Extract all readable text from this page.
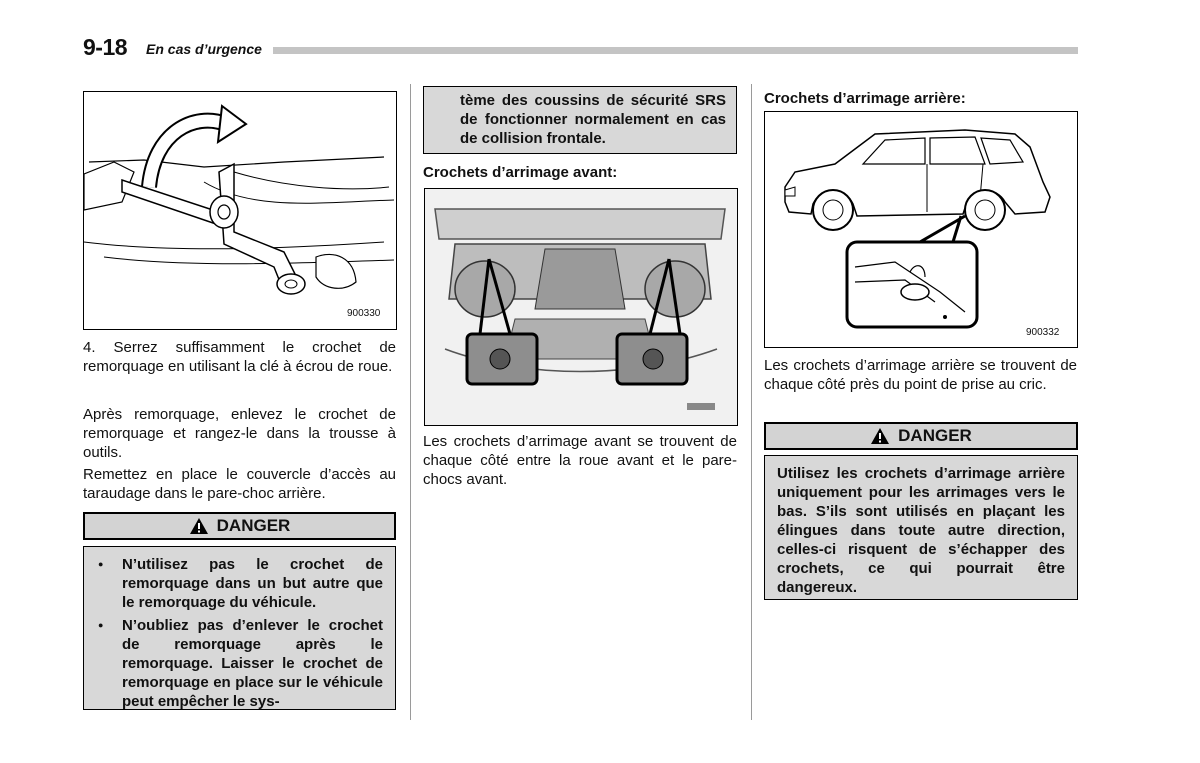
9-18 En cas d’urgence
900330

4. Serrez suffisamment le crochet de remorquage en utilisant la clé à écrou de roue.

Après remorquage, enlevez le crochet de remorquage et rangez-le dans la trousse à outils.

Remettez en place le couvercle d’accès au taraudage dans le pare-choc arrière.

DANGER

● N’utilisez pas le crochet de remorquage dans un but autre que le remorquage du véhicule.

● N’oubliez pas d’enlever le crochet de remorquage après le remorquage. Laisser le crochet de remorquage en place sur le véhicule peut empêcher le sys-

tème des coussins de sécurité SRS de fonctionner normalement en cas de collision frontale.

Crochets d’arrimage avant:

Les crochets d’arrimage avant se trouvent de chaque côté entre la roue avant et le pare-chocs avant.

Crochets d’arrimage arrière:

900332

Les crochets d’arrimage arrière se trouvent de chaque côté près du point de prise au cric.

DANGER
Utilisez les crochets d’arrimage arrière uniquement pour les arrimages vers le bas. S’ils sont utilisés en plaçant les élingues dans toute autre direction, celles-ci risquent de s’échapper des crochets, ce qui pourrait être dangereux.
